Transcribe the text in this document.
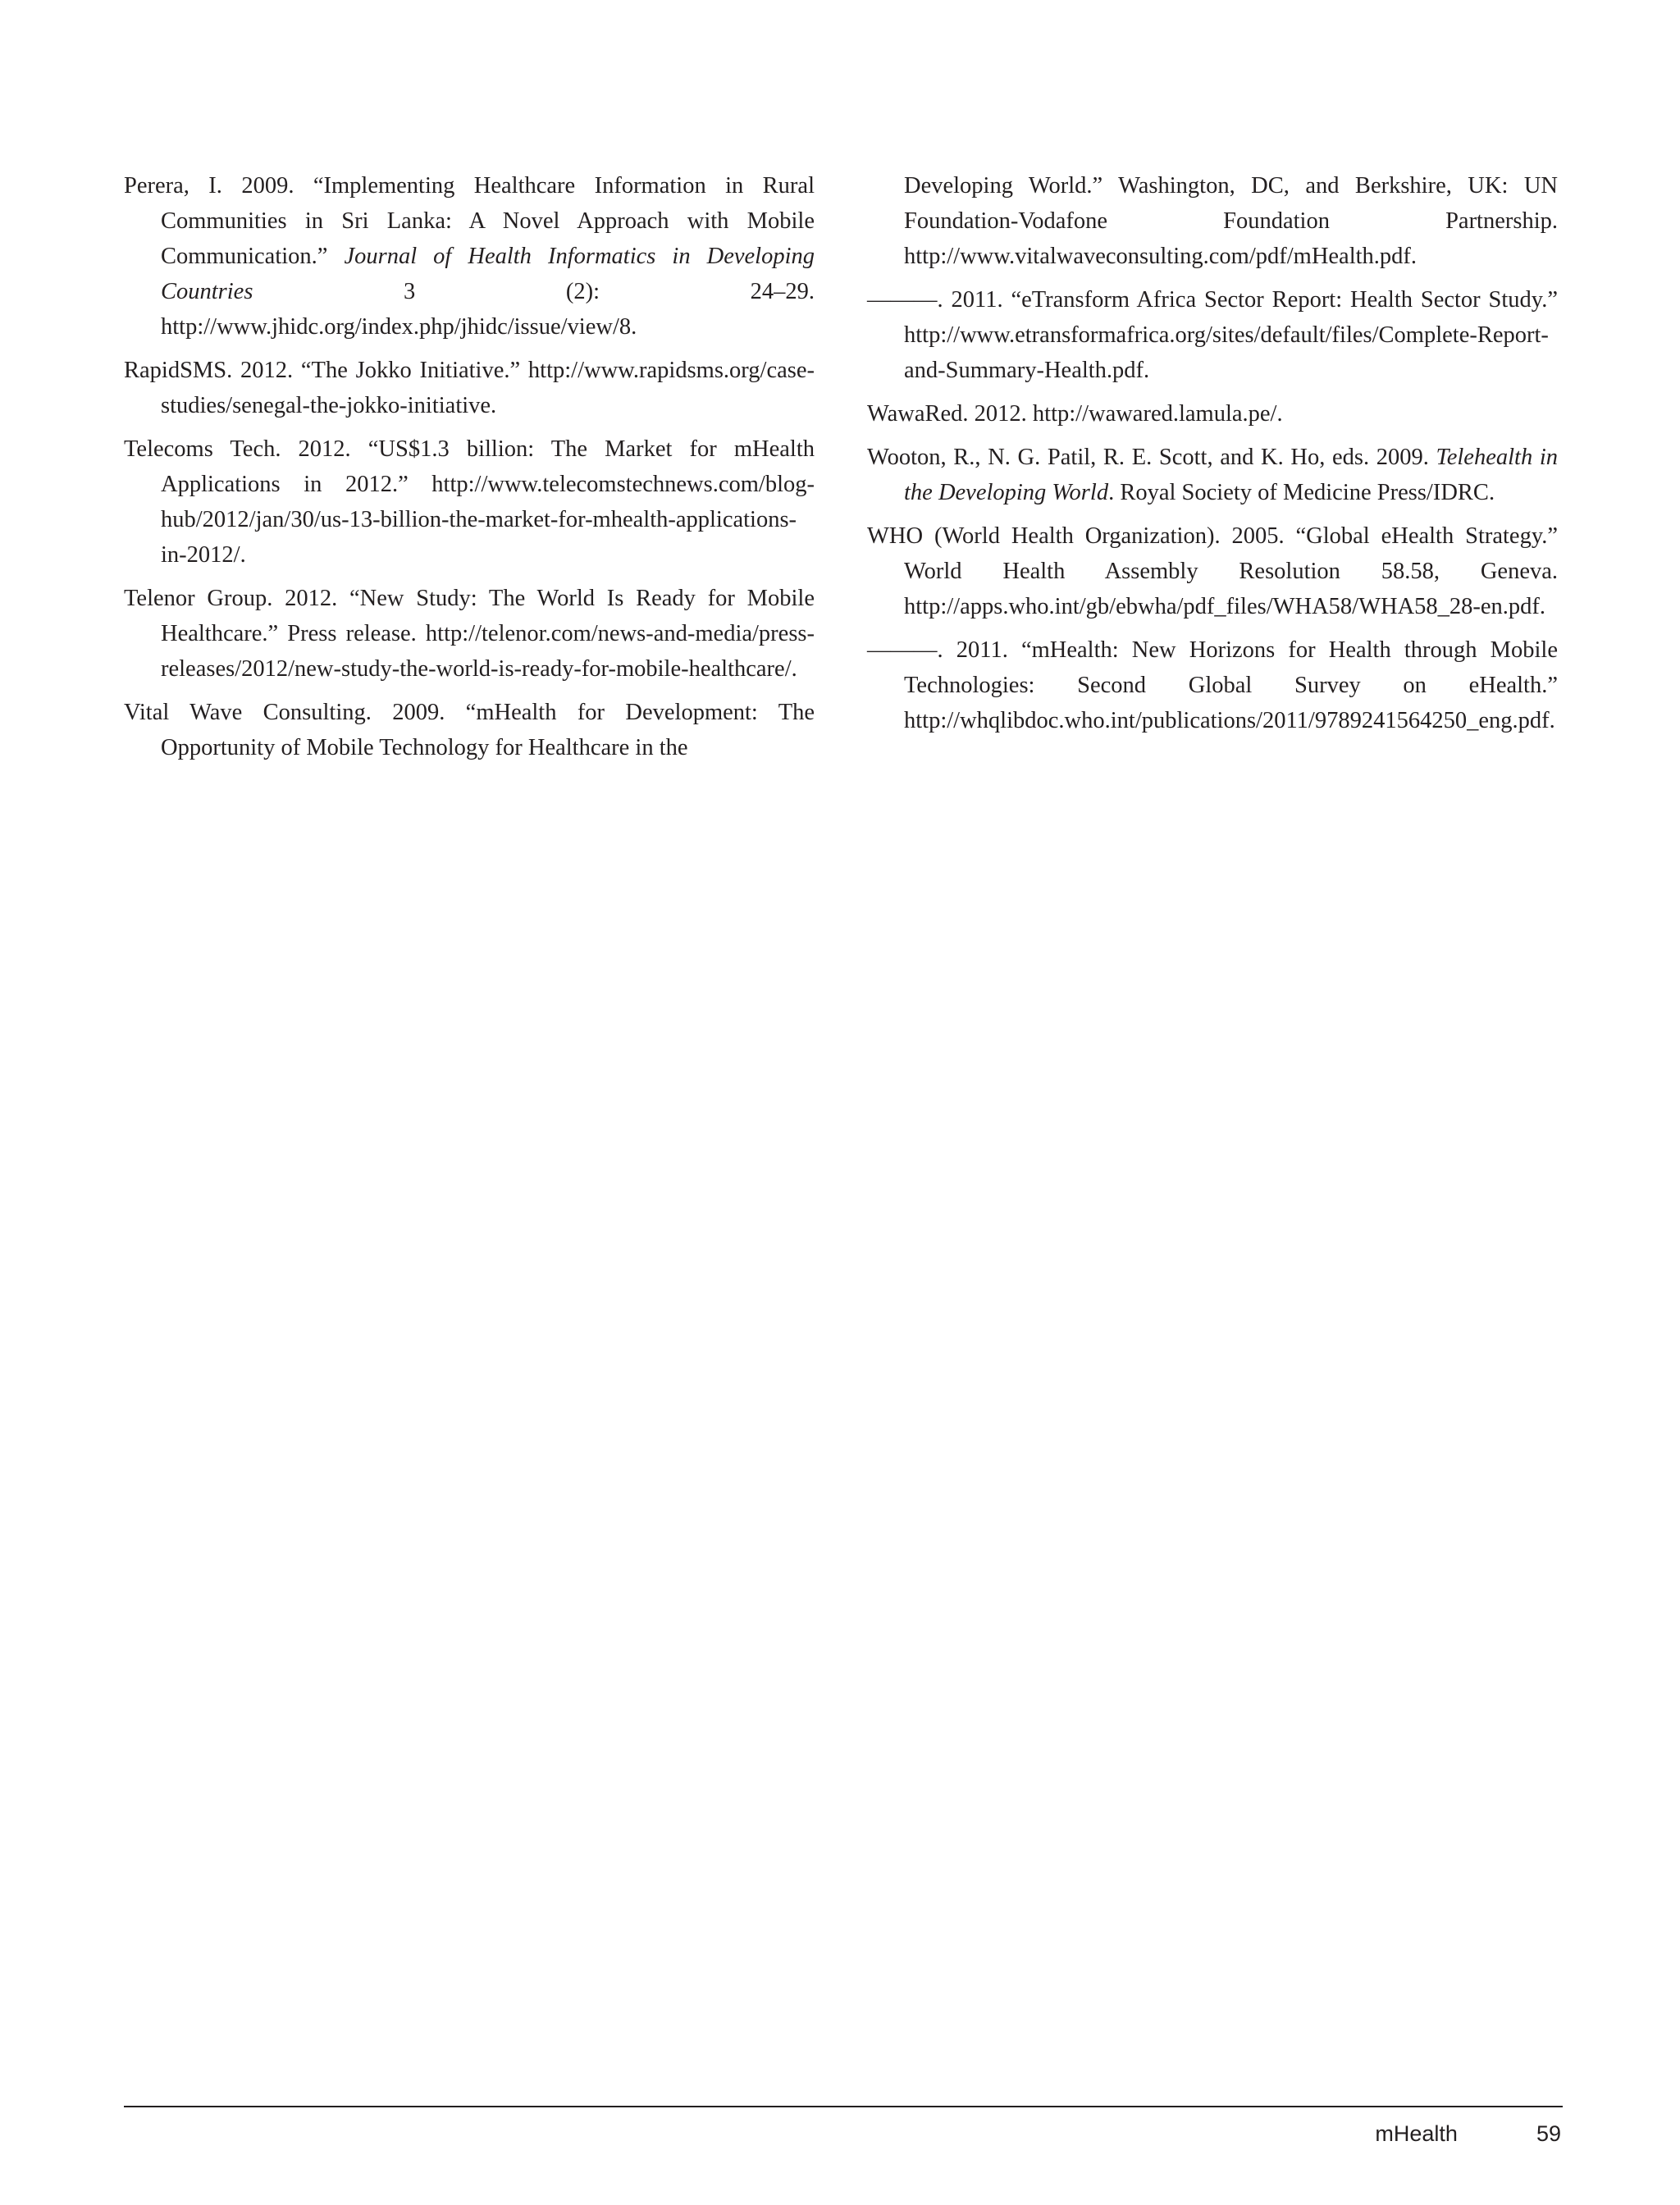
Perera, I. 2009. “Implementing Healthcare Information in Rural Communities in Sri Lanka: A Novel Approach with Mobile Communication.” Journal of Health Informatics in Developing Countries 3 (2): 24–29. http://www.jhidc.org/index.php/jhidc/issue/view/8.

RapidSMS. 2012. “The Jokko Initiative.” http://www.rapidsms.org/case-studies/senegal-the-jokko-initiative.

Telecoms Tech. 2012. “US$1.3 billion: The Market for mHealth Applications in 2012.” http://www.telecomstechnews.com/blog-hub/2012/jan/30/us-13-billion-the-market-for-mhealth-applications-in-2012/.

Telenor Group. 2012. “New Study: The World Is Ready for Mobile Healthcare.” Press release. http://telenor.com/news-and-media/press-releases/2012/new-study-the-world-is-ready-for-mobile-healthcare/.

Vital Wave Consulting. 2009. “mHealth for Development: The Opportunity of Mobile Technology for Healthcare in the

Developing World.” Washington, DC, and Berkshire, UK: UN Foundation-Vodafone Foundation Partnership. http://www.vitalwaveconsulting.com/pdf/mHealth.pdf.

———. 2011. “eTransform Africa Sector Report: Health Sector Study.” http://www.etransformafrica.org/sites/default/files/Complete-Report-and-Summary-Health.pdf.

WawaRed. 2012. http://wawared.lamula.pe/.

Wooton, R., N. G. Patil, R. E. Scott, and K. Ho, eds. 2009. Telehealth in the Developing World. Royal Society of Medicine Press/IDRC.

WHO (World Health Organization). 2005. “Global eHealth Strategy.” World Health Assembly Resolution 58.58, Geneva. http://apps.who.int/gb/ebwha/pdf_files/WHA58/WHA58_28-en.pdf.

———. 2011. “mHealth: New Horizons for Health through Mobile Technologies: Second Global Survey on eHealth.” http://whqlibdoc.who.int/publications/2011/9789241564250_eng.pdf.

mHealth	59
